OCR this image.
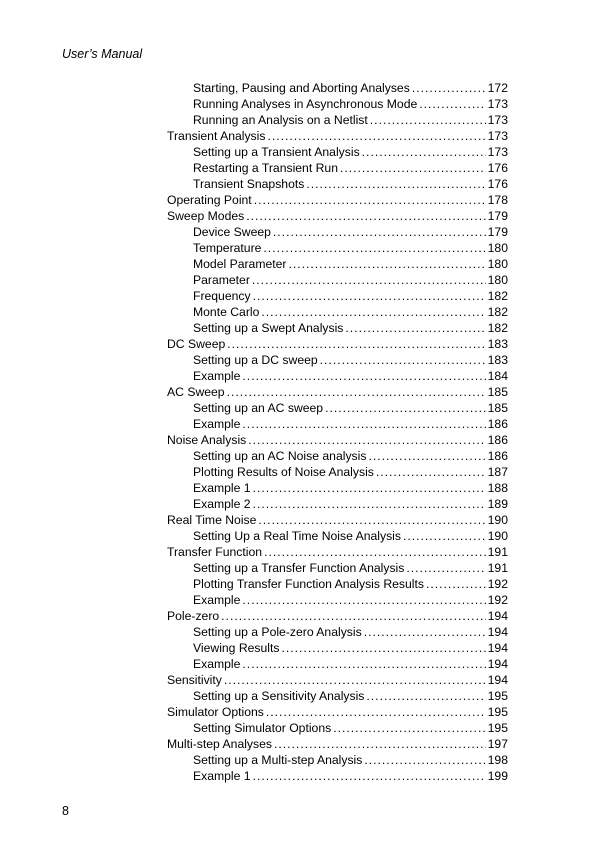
User’s Manual
Starting, Pausing and Aborting Analyses .....	172
Running Analyses in Asynchronous Mode .....	173
Running an Analysis on a Netlist .....	173
Transient Analysis .....	173
Setting up a Transient Analysis .....	173
Restarting a Transient Run .....	176
Transient Snapshots .....	176
Operating Point .....	178
Sweep Modes .....	179
Device Sweep .....	179
Temperature .....	180
Model Parameter .....	180
Parameter .....	180
Frequency .....	182
Monte Carlo .....	182
Setting up a Swept Analysis .....	182
DC Sweep .....	183
Setting up a DC sweep .....	183
Example .....	184
AC Sweep .....	185
Setting up an AC sweep .....	185
Example .....	186
Noise Analysis .....	186
Setting up an AC Noise analysis .....	186
Plotting Results of Noise Analysis .....	187
Example 1 .....	188
Example 2 .....	189
Real Time Noise .....	190
Setting Up a Real Time Noise Analysis .....	190
Transfer Function .....	191
Setting up a Transfer Function Analysis .....	191
Plotting Transfer Function Analysis Results .....	192
Example .....	192
Pole-zero .....	194
Setting up a Pole-zero Analysis .....	194
Viewing Results .....	194
Example .....	194
Sensitivity .....	194
Setting up a Sensitivity Analysis .....	195
Simulator Options .....	195
Setting Simulator Options .....	195
Multi-step Analyses .....	197
Setting up a Multi-step Analysis .....	198
Example 1 .....	199
8
